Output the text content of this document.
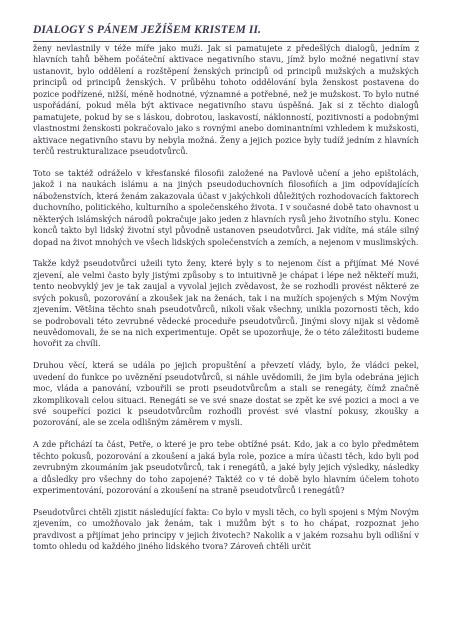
DIALOGY S PÁNEM JEŽÍŠEM KRISTEM II.

ženy nevlastnily v téže míře jako muži. Jak si pamatujete z předešlých dialogů, jedním z hlavních tahů během počáteční aktivace negativního stavu, jímž bylo možné negativní stav ustanovit, bylo oddělení a rozštěpení ženských principů od principů mužských a mužských principů od principů ženských. V průběhu tohoto oddělování byla ženskost postavena do pozice podřízené, nižší, méně hodnotné, významné a potřebné, než je mužskost. To bylo nutné uspořádání, pokud měla být aktivace negativního stavu úspěšná. Jak si z těchto dialogů pamatujete, pokud by se s láskou, dobrotou, laskavostí, náklonností, pozitivností a podobnými vlastnostmi ženskosti pokračovalo jako s rovnými anebo dominantními vzhledem k mužskosti, aktivace negativního stavu by nebyla možná. Ženy a jejich pozice byly tudíž jedním z hlavních terčů restrukturalizace pseudotvůrců.

Toto se taktéž odráželo v křesťanské filosofii založené na Pavlově učení a jeho epištolách, jakož i na naukách islámu a na jiných pseudoduchovních filosofiích a jim odpovídajících náboženstvích, která ženám zakazovala účast v jakýchkoli důležitých rozhodovacích faktorech duchovního, politického, kulturního a společenského života. I v současné době tato ohavnost u některých islámských národů pokračuje jako jeden z hlavních rysů jeho životního stylu. Konec konců takto byl lidský životní styl původně ustanoven pseudotvůrci. Jak vidíte, má stále silný dopad na život mnohých ve všech lidských společenstvích a zemích, a nejenom v muslimských.

Takže když pseudotvůrci užeili tyto ženy, které byly s to nejenom číst a přijímat Mé Nové zjevení, ale velmi často byly jistými způsoby s to intuitivně je chápat i lépe než někteří muži, tento neobvyklý jev je tak zaujal a vyvolal jejich zvědavost, že se rozhodli provést některé ze svých pokusů, pozorování a zkoušek jak na ženách, tak i na mužích spojených s Mým Novým zjevením. Většina těchto snah pseudotvůrců, nikoli však všechny, unikla pozornosti těch, kdo se podrobovali této zevrubné vědecké proceduře pseudotvůrců. Jinými slovy nijak si vědomě neuvědomovali, že se na nich experimentuje. Opět se upozorňuje, že o této záležitosti budeme hovořit za chvíli.

Druhou věcí, která se udála po jejich propuštění a převzetí vlády, bylo, že vládci pekel, uvedení do funkce po uvěznění pseudotvůrců, si náhle uvědomili, že jim byla odebrána jejich moc, vláda a panování, vzbouřili se proti pseudotvůrcům a stali se renegáty, čímž značně zkomplikovali celou situaci. Renegáti se ve své snaze dostat se zpět ke své pozici a moci a ve své soupeřící pozici k pseudotvůrcům rozhodli provést své vlastní pokusy, zkoušky a pozorování, ale se zcela odlišným záměrem v mysli.

A zde přichází ta část, Petře, o které je pro tebe obtížné psát. Kdo, jak a co bylo předmětem těchto pokusů, pozorování a zkoušení a jaká byla role, pozice a míra účasti těch, kdo byli pod zevrubným zkoumáním jak pseudotvůrců, tak i renegátů, a jaké byly jejich výsledky, následky a důsledky pro všechny do toho zapojené? Taktéž co v té době bylo hlavním účelem tohoto experimentování, pozorování a zkoušení na straně pseudotvůrců i renegátů?

Pseudotvůrci chtěli zjistit následující fakta: Co bylo v mysli těch, co byli spojeni s Mým Novým zjevením, co umožňovalo jak ženám, tak i mužům být s to ho chápat, rozpoznat jeho pravdivost a přijímat jeho principy v jejich životech? Nakolik a v jakém rozsahu byli odlišní v tomto ohledu od každého jiného lidského tvora? Zároveň chtěli určit
